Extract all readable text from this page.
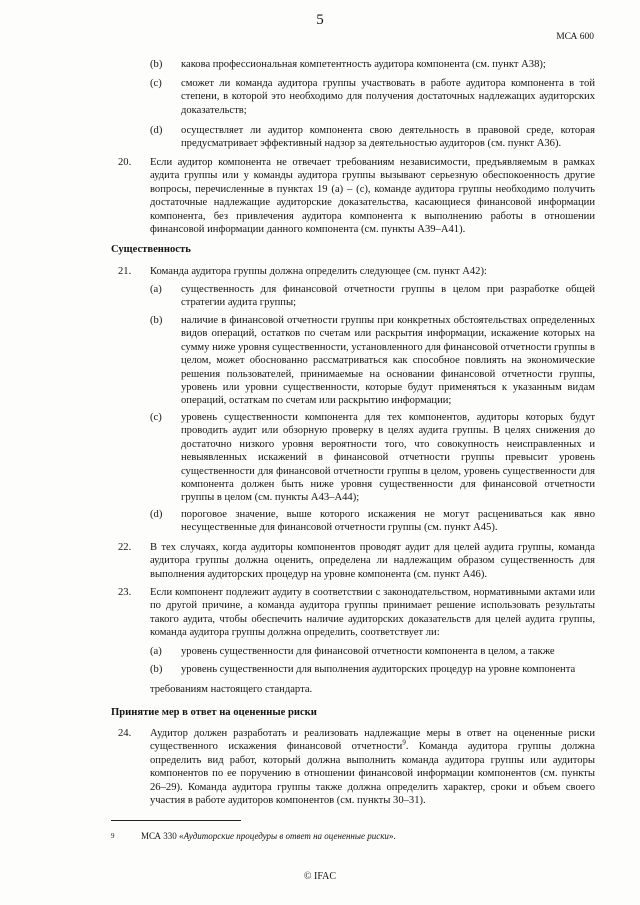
5
МСА 600
(b) какова профессиональная компетентность аудитора компонента (см. пункт А38);
(c) сможет ли команда аудитора группы участвовать в работе аудитора компонента в той степени, в которой это необходимо для получения достаточных надлежащих аудиторских доказательств;
(d) осуществляет ли аудитор компонента свою деятельность в правовой среде, которая предусматривает эффективный надзор за деятельностью аудиторов (см. пункт А36).
20. Если аудитор компонента не отвечает требованиям независимости, предъявляемым в рамках аудита группы или у команды аудитора группы вызывают серьезную обеспокоенность другие вопросы, перечисленные в пунктах 19 (а) – (с), команде аудитора группы необходимо получить достаточные надлежащие аудиторские доказательства, касающиеся финансовой информации компонента, без привлечения аудитора компонента к выполнению работы в отношении финансовой информации данного компонента (см. пункты А39–А41).
Существенность
21. Команда аудитора группы должна определить следующее (см. пункт А42):
(a) существенность для финансовой отчетности группы в целом при разработке общей стратегии аудита группы;
(b) наличие в финансовой отчетности группы при конкретных обстоятельствах определенных видов операций, остатков по счетам или раскрытия информации, искажение которых на сумму ниже уровня существенности, установленного для финансовой отчетности группы в целом, может обоснованно рассматриваться как способное повлиять на экономические решения пользователей, принимаемые на основании финансовой отчетности группы, уровень или уровни существенности, которые будут применяться к указанным видам операций, остаткам по счетам или раскрытию информации;
(c) уровень существенности компонента для тех компонентов, аудиторы которых будут проводить аудит или обзорную проверку в целях аудита группы. В целях снижения до достаточно низкого уровня вероятности того, что совокупность неисправленных и невыявленных искажений в финансовой отчетности группы превысит уровень существенности для финансовой отчетности группы в целом, уровень существенности для компонента должен быть ниже уровня существенности для финансовой отчетности группы в целом (см. пункты А43–А44);
(d) пороговое значение, выше которого искажения не могут расцениваться как явно несущественные для финансовой отчетности группы (см. пункт А45).
22. В тех случаях, когда аудиторы компонентов проводят аудит для целей аудита группы, команда аудитора группы должна оценить, определена ли надлежащим образом существенность для выполнения аудиторских процедур на уровне компонента (см. пункт А46).
23. Если компонент подлежит аудиту в соответствии с законодательством, нормативными актами или по другой причине, а команда аудитора группы принимает решение использовать результаты такого аудита, чтобы обеспечить наличие аудиторских доказательств для целей аудита группы, команда аудитора группы должна определить, соответствует ли:
(a) уровень существенности для финансовой отчетности компонента в целом, а также
(b) уровень существенности для выполнения аудиторских процедур на уровне компонента
требованиям настоящего стандарта.
Принятие мер в ответ на оцененные риски
24. Аудитор должен разработать и реализовать надлежащие меры в ответ на оцененные риски существенного искажения финансовой отчетности$^9$. Команда аудитора группы должна определить вид работ, который должна выполнить команда аудитора группы или аудиторы компонентов по ее поручению в отношении финансовой информации компонентов (см. пункты 26–29). Команда аудитора группы также должна определить характер, сроки и объем своего участия в работе аудиторов компонентов (см. пункты 30–31).
9	МСА 330 «Аудиторские процедуры в ответ на оцененные риски».
© IFAC
